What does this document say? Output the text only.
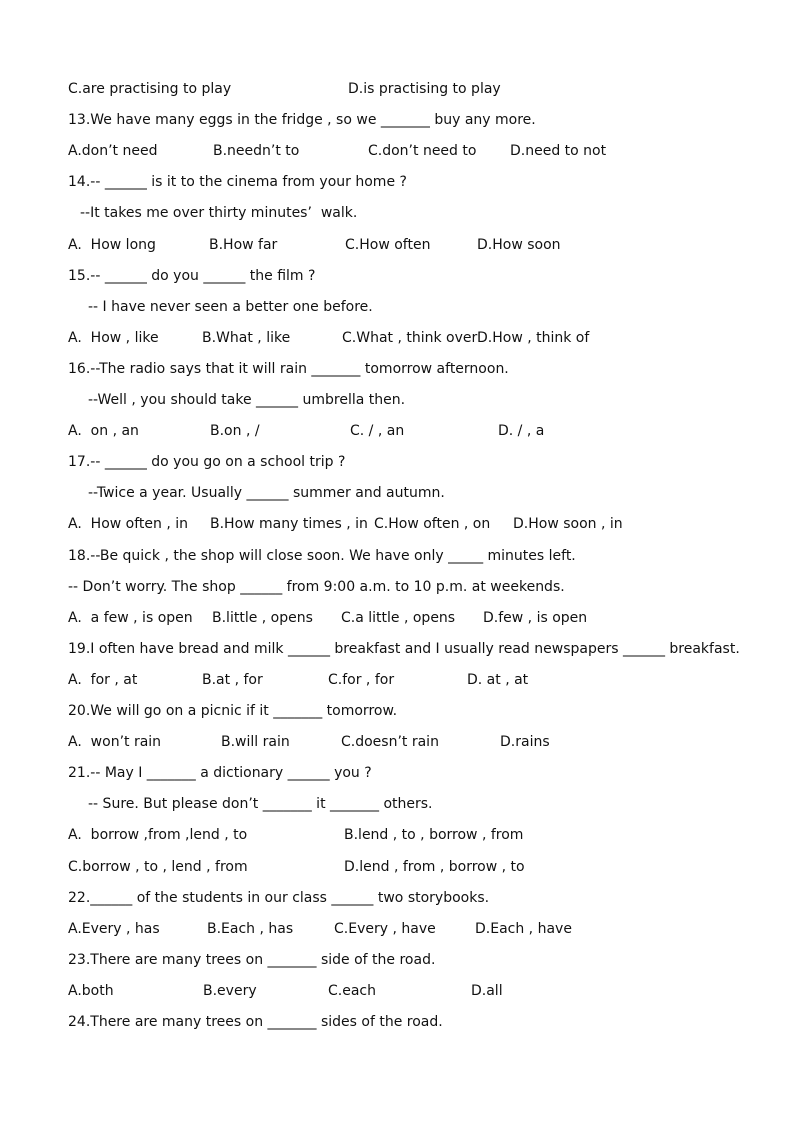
C.are practising to play	D.is practising to play
13.We have many eggs in the fridge , so we _______ buy any more.
A.don’t need	B.needn’t to	C.don’t need to D.need to not
14.-- ______ is it to the cinema from your home ?
--It takes me over thirty minutes’  walk.
A.  How long	B.How far	C.How often	D.How soon
15.-- ______ do you ______ the film ?
-- I have never seen a better one before.
A.  How , like	B.What , like	C.What , think over D.How , think of
16.--The radio says that it will rain _______ tomorrow afternoon.
--Well , you should take ______ umbrella then.
A.  on , an	B.on , /	C. / , an	D. / , a
17.-- ______ do you go on a school trip ?
--Twice a year. Usually ______ summer and autumn.
A.  How often , in B.How many times , in C.How often , on D.How soon , in
18.--Be quick , the shop will close soon. We have only _____ minutes left.
-- Don’t worry. The shop ______ from 9:00 a.m. to 10 p.m. at weekends.
A.  a few , is open B.little , opens C.a little , opens D.few , is open
19.I often have bread and milk ______ breakfast and I usually read newspapers ______ breakfast.
A.  for , at	B.at , for	C.for , for	D. at , at
20.We will go on a picnic if it _______ tomorrow.
A.  won’t rain	B.will rain	C.doesn’t rain	D.rains
21.-- May I _______ a dictionary ______ you ?
-- Sure. But please don’t _______ it _______ others.
A.  borrow ,from ,lend , to	B.lend , to , borrow , from
C.borrow , to , lend , from	D.lend , from , borrow , to
22.______ of the students in our class ______ two storybooks.
A.Every , has	B.Each , has	C.Every , have	D.Each , have
23.There are many trees on _______ side of the road.
A.both	B.every	C.each	D.all
24.There are many trees on _______ sides of the road.
